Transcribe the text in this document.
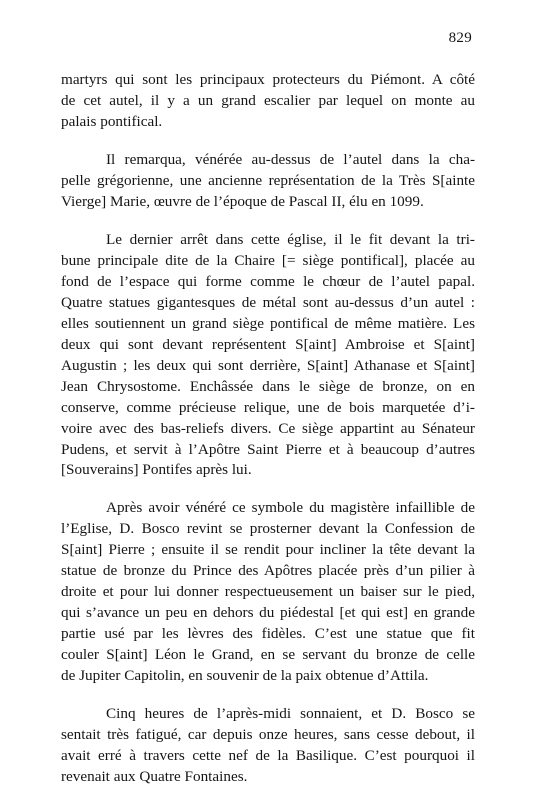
829

martyrs qui sont les principaux protecteurs du Piémont. A côté
de cet autel, il y a un grand escalier par lequel on monte au
palais pontifical.

Il remarqua, vénérée au-dessus de l’autel dans la cha-
pelle grégorienne, une ancienne représentation de la Très S[ainte
Vierge] Marie, œuvre de l’époque de Pascal II, élu en 1099.

Le dernier arrêt dans cette église, il le fit devant la tri-
bune principale dite de la Chaire [= siège pontifical], placée au
fond de l’espace qui forme comme le chœur de l’autel papal.
Quatre statues gigantesques de métal sont au-dessus d’un autel :
elles soutiennent un grand siège pontifical de même matière. Les
deux qui sont devant représentent S[aint] Ambroise et S[aint]
Augustin ; les deux qui sont derrière, S[aint] Athanase et S[aint]
Jean Chrysostome. Enchâssée dans le siège de bronze, on en
conserve, comme précieuse relique, une de bois marquetée d’i-
voire avec des bas-reliefs divers. Ce siège appartint au Sénateur
Pudens, et servit à l’Apôtre Saint Pierre et à beaucoup d’autres
[Souverains] Pontifes après lui.

Après avoir vénéré ce symbole du magistère infaillible de
l’Eglise, D. Bosco revint se prosterner devant la Confession de
S[aint] Pierre ; ensuite il se rendit pour incliner la tête devant la
statue de bronze du Prince des Apôtres placée près d’un pilier à
droite et pour lui donner respectueusement un baiser sur le pied,
qui s’avance un peu en dehors du piédestal [et qui est] en grande
partie usé par les lèvres des fidèles. C’est une statue que fit
couler S[aint] Léon le Grand, en se servant du bronze de celle
de Jupiter Capitolin, en souvenir de la paix obtenue d’Attila.

Cinq heures de l’après-midi sonnaient, et D. Bosco se
sentait très fatigué, car depuis onze heures, sans cesse debout, il
avait erré à travers cette nef de la Basilique. C’est pourquoi il
revenait aux Quatre Fontaines.
